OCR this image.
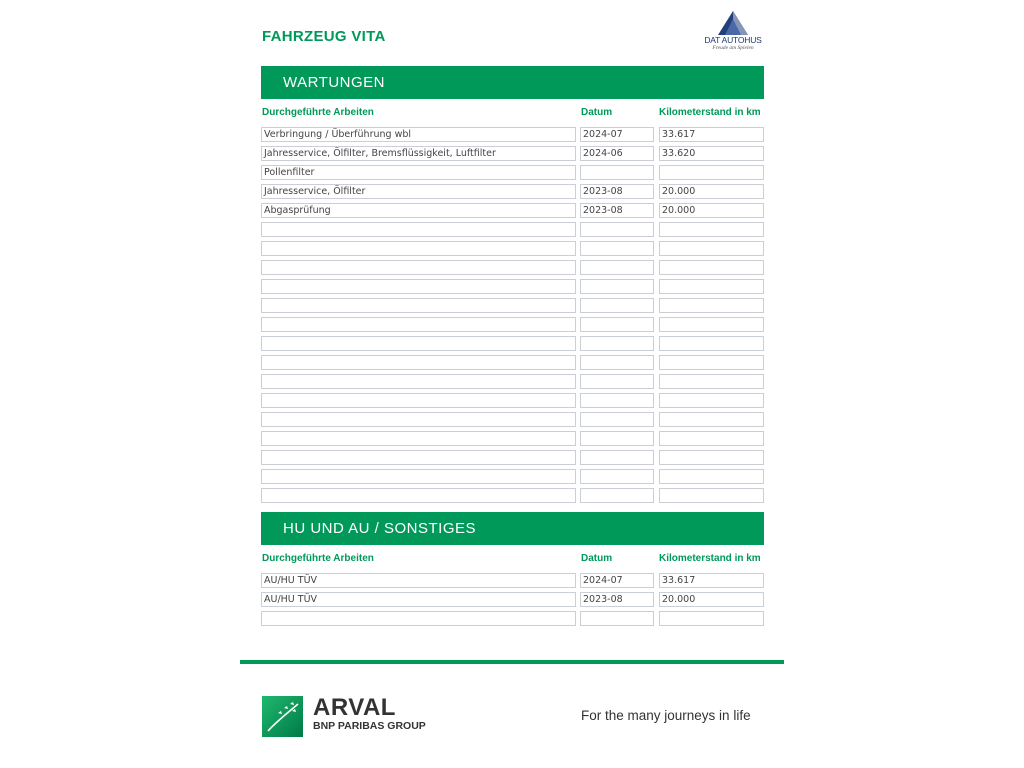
FAHRZEUG VITA	DAT AUTOHUS
Freude am Spielen
WARTUNGEN
Durchgeführte Arbeiten	Datum	Kilometerstand in km
Verbringung / Überführung wbl	2024-07	33.617
Jahresservice, Ölfilter, Bremsflüssigkeit, Luftfilter	2024-06	33.620
Pollenfilter
Jahresservice, Ölfilter	2023-08	20.000
Abgasprüfung	2023-08	20.000
HU UND AU / SONSTIGES
Durchgeführte Arbeiten	Datum	Kilometerstand in km
AU/HU TÜV	2024-07	33.617
AU/HU TÜV	2023-08	20.000
ARVAL
BNP PARIBAS GROUP
For the many journeys in life
